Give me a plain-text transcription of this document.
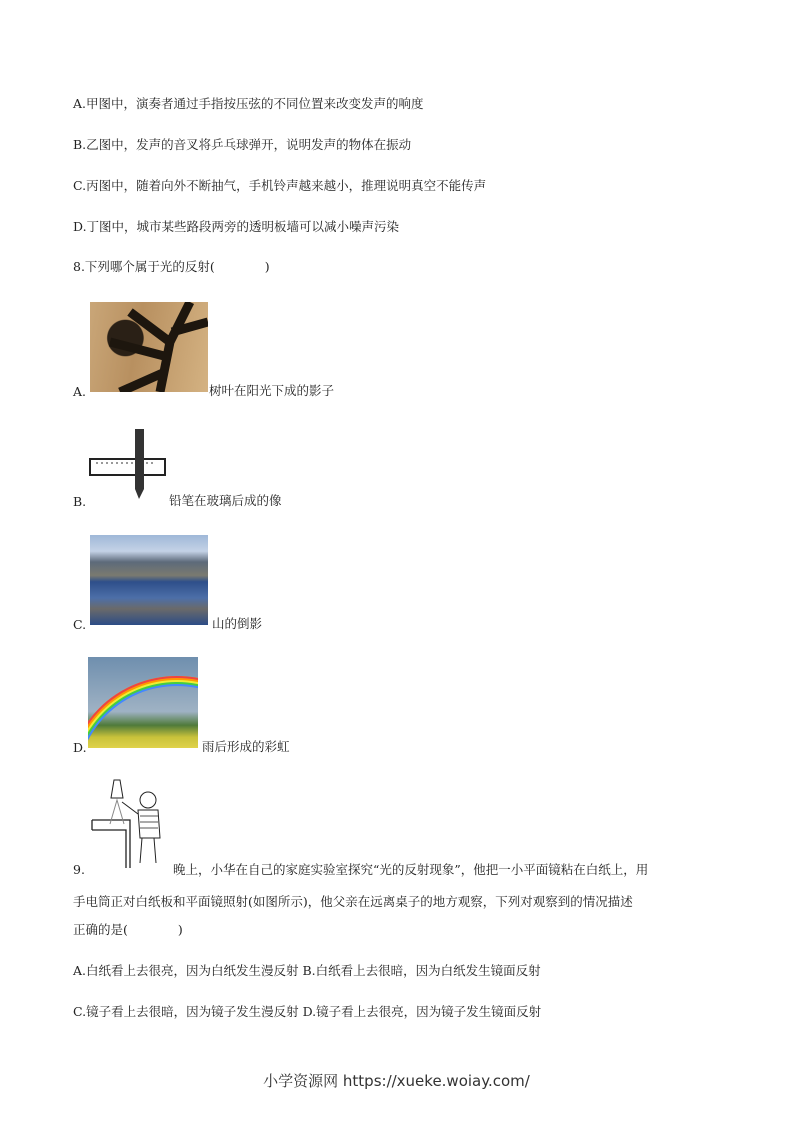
A.甲图中，演奏者通过手指按压弦的不同位置来改变发声的响度
B.乙图中，发声的音叉将乒乓球弹开，说明发声的物体在振动
C.丙图中，随着向外不断抽气，手机铃声越来越小，推理说明真空不能传声
D.丁图中，城市某些路段两旁的透明板墙可以减小噪声污染
8.下列哪个属于光的反射(　　　　)
A.	树叶在阳光下成的影子
B.	铅笔在玻璃后成的像
C.	山的倒影
D.	雨后形成的彩虹
9.	晚上，小华在自己的家庭实验室探究“光的反射现象”，他把一小平面镜粘在白纸上，用
手电筒正对白纸板和平面镜照射(如图所示)，他父亲在远离桌子的地方观察，下列对观察到的情况描述
正确的是(　　　　)
A.白纸看上去很亮，因为白纸发生漫反射 B.白纸看上去很暗，因为白纸发生镜面反射
C.镜子看上去很暗，因为镜子发生漫反射 D.镜子看上去很亮，因为镜子发生镜面反射
小学资源网 https://xueke.woiay.com/
